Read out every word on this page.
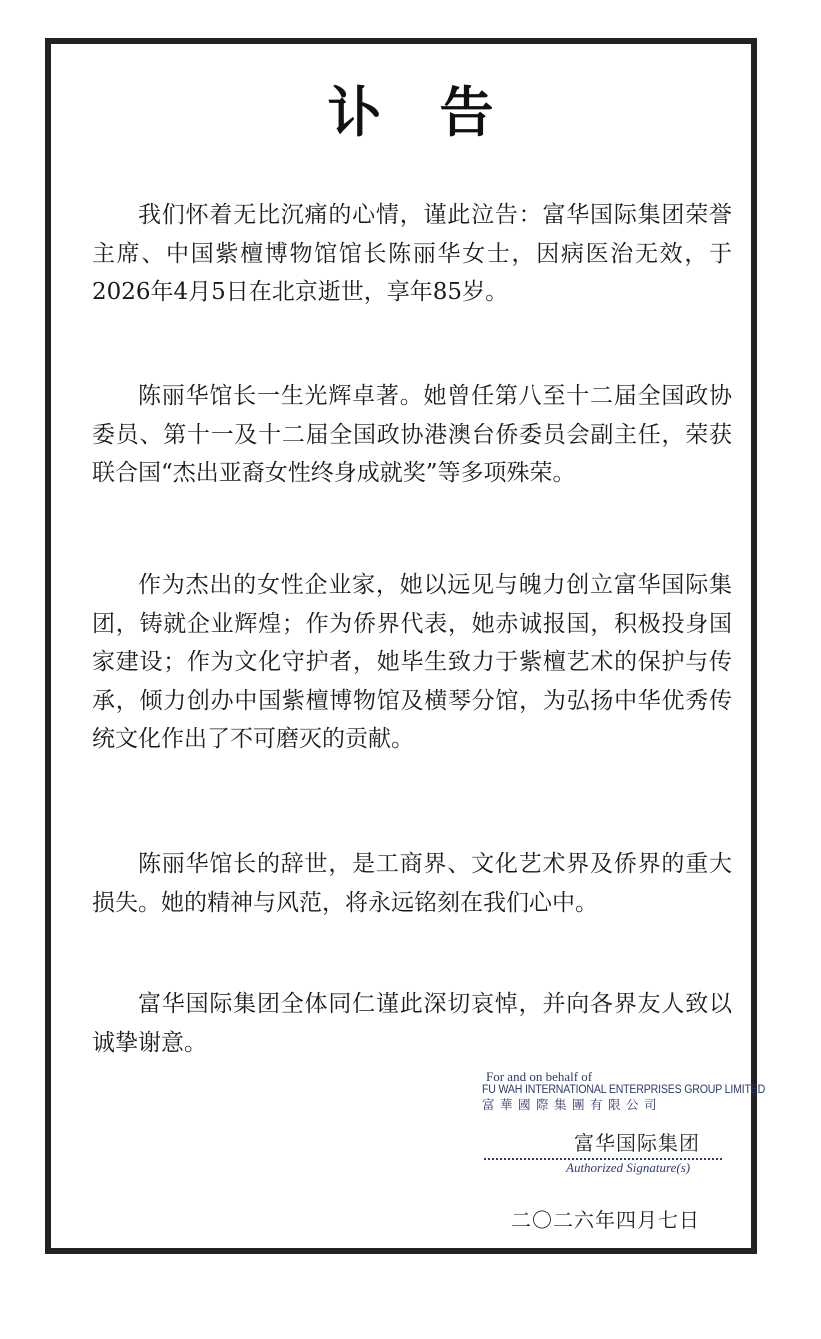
讣告

我们怀着无比沉痛的心情，谨此泣告：富华国际集团荣誉主席、中国紫檀博物馆馆长陈丽华女士，因病医治无效，于2026年4月5日在北京逝世，享年85岁。

陈丽华馆长一生光辉卓著。她曾任第八至十二届全国政协委员、第十一及十二届全国政协港澳台侨委员会副主任，荣获联合国“杰出亚裔女性终身成就奖”等多项殊荣。

作为杰出的女性企业家，她以远见与魄力创立富华国际集团，铸就企业辉煌；作为侨界代表，她赤诚报国，积极投身国家建设；作为文化守护者，她毕生致力于紫檀艺术的保护与传承，倾力创办中国紫檀博物馆及横琴分馆，为弘扬中华优秀传统文化作出了不可磨灭的贡献。

陈丽华馆长的辞世，是工商界、文化艺术界及侨界的重大损失。她的精神与风范，将永远铭刻在我们心中。

富华国际集团全体同仁谨此深切哀悼，并向各界友人致以诚挚谢意。

For and on behalf of
FU WAH INTERNATIONAL ENTERPRISES GROUP LIMITED
富華國際集團有限公司
富华国际集团
Authorized Signature(s)
二〇二六年四月七日
